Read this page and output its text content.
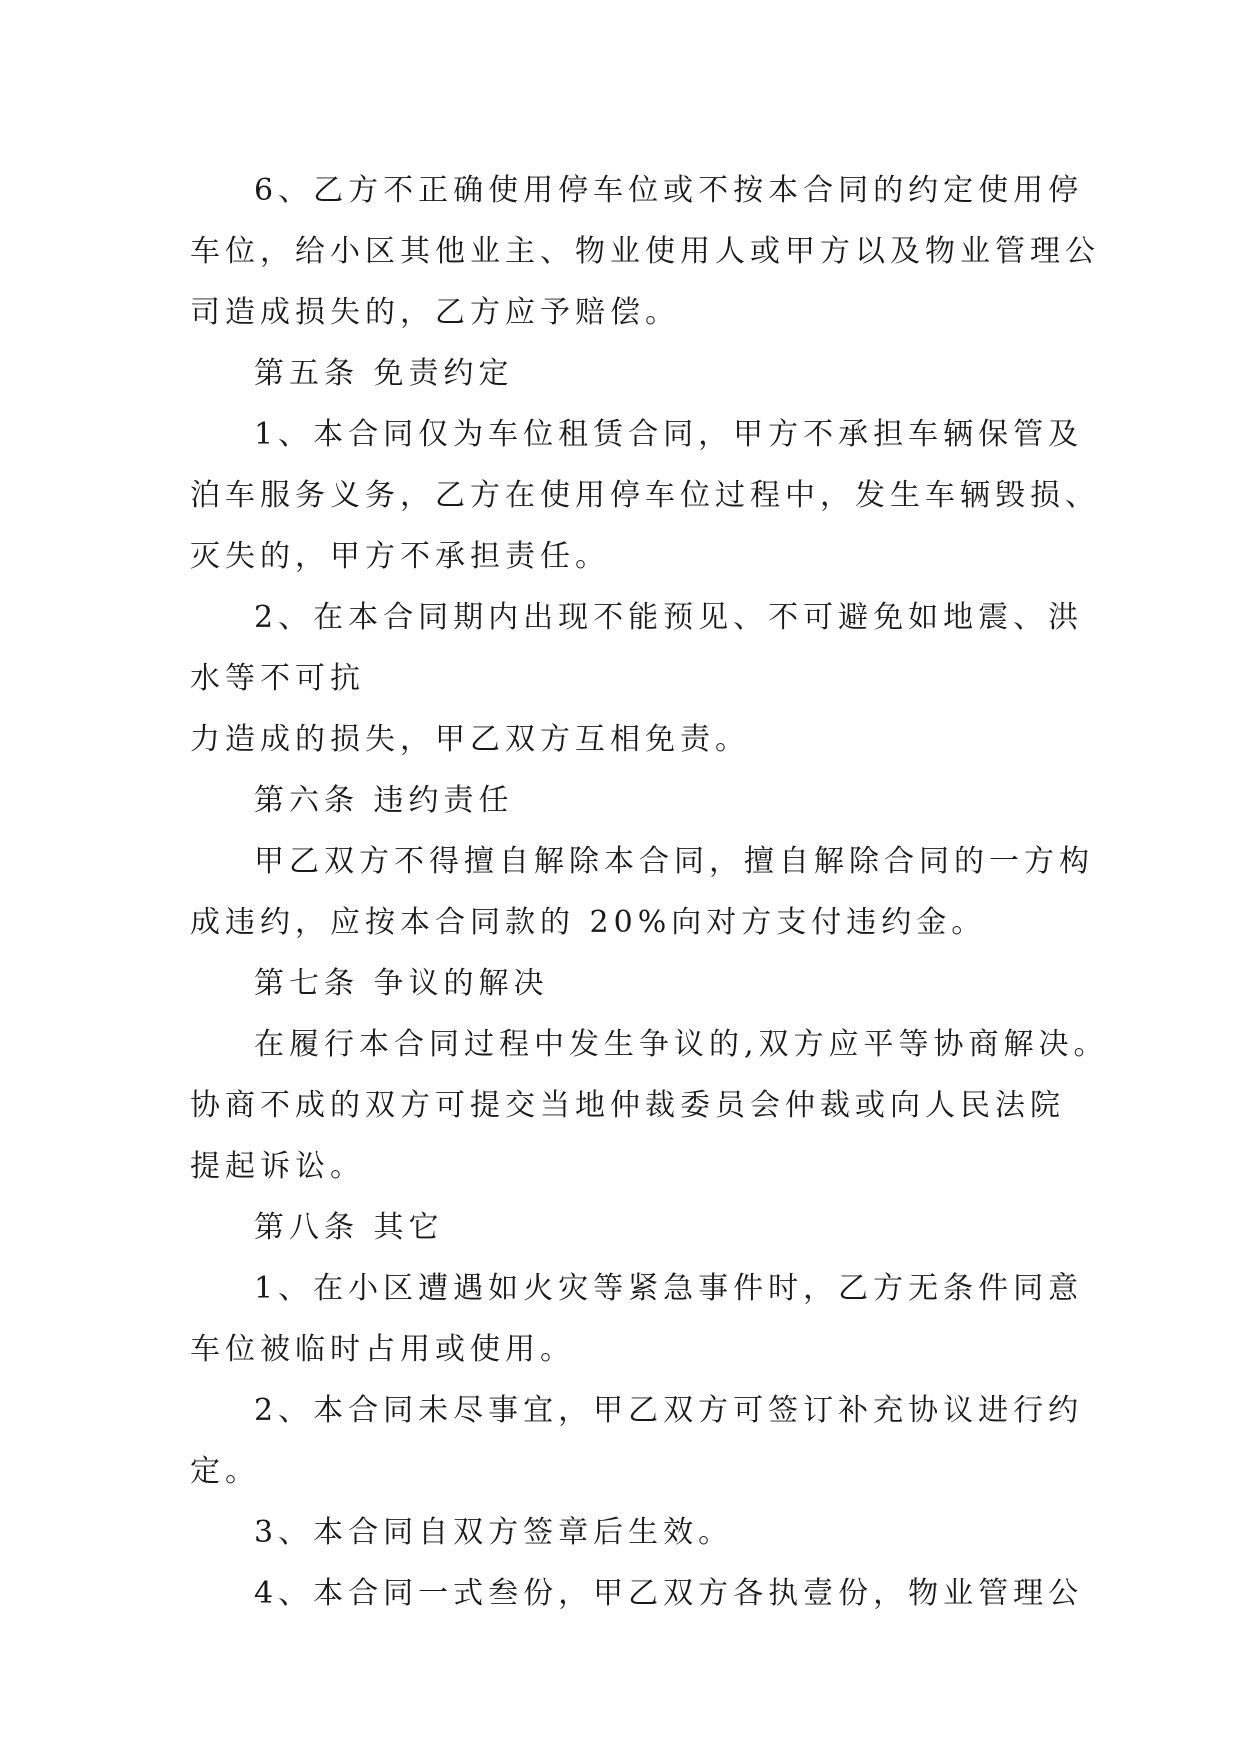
6、乙方不正确使用停车位或不按本合同的约定使用停
车位，给小区其他业主、物业使用人或甲方以及物业管理公
司造成损失的，乙方应予赔偿。
第五条 免责约定
1、本合同仅为车位租赁合同，甲方不承担车辆保管及
泊车服务义务，乙方在使用停车位过程中，发生车辆毁损、
灭失的，甲方不承担责任。
2、在本合同期内出现不能预见、不可避免如地震、洪
水等不可抗
力造成的损失，甲乙双方互相免责。
第六条 违约责任
甲乙双方不得擅自解除本合同，擅自解除合同的一方构
成违约，应按本合同款的 20%向对方支付违约金。
第七条 争议的解决
在履行本合同过程中发生争议的,双方应平等协商解决。
协商不成的双方可提交当地仲裁委员会仲裁或向人民法院
提起诉讼。
第八条 其它
1、在小区遭遇如火灾等紧急事件时，乙方无条件同意
车位被临时占用或使用。
2、本合同未尽事宜，甲乙双方可签订补充协议进行约
定。
3、本合同自双方签章后生效。
4、本合同一式叁份，甲乙双方各执壹份，物业管理公
